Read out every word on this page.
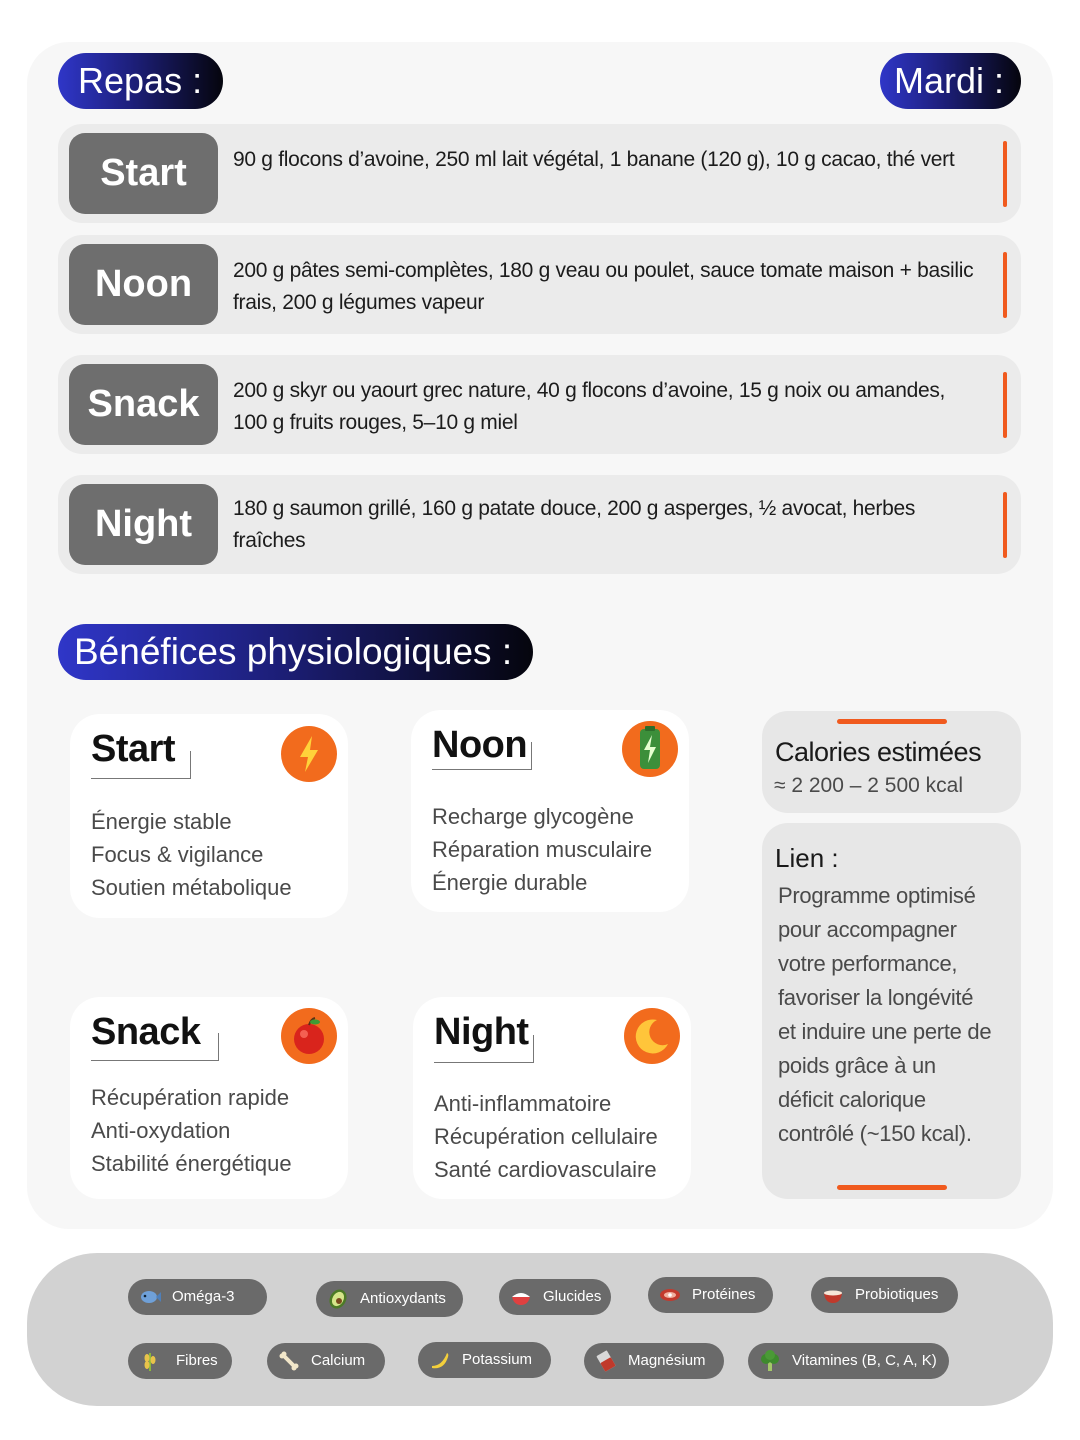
Repas :	Mardi :
Start	90 g flocons d’avoine, 250 ml lait végétal, 1 banane (120 g), 10 g cacao, thé vert
Noon	200 g pâtes semi-complètes, 180 g veau ou poulet, sauce tomate maison + basilic frais, 200 g légumes vapeur
Snack	200 g skyr ou yaourt grec nature, 40 g flocons d’avoine, 15 g noix ou amandes, 100 g fruits rouges, 5–10 g miel
Night	180 g saumon grillé, 160 g patate douce, 200 g asperges, ½ avocat, herbes fraîches
Bénéfices physiologiques :
Start
Énergie stable
Focus & vigilance
Soutien métabolique
Noon
Recharge glycogène
Réparation musculaire
Énergie durable
Snack
Récupération rapide
Anti-oxydation
Stabilité énergétique
Night
Anti-inflammatoire
Récupération cellulaire
Santé cardiovasculaire
Calories estimées
≈ 2 200 – 2 500 kcal
Lien :
Programme optimisé
pour accompagner
votre performance,
favoriser la longévité
et induire une perte de
poids grâce à un
déficit calorique
contrôlé (~150 kcal).
Oméga-3	Antioxydants	Glucides	Protéines	Probiotiques
Fibres	Calcium	Potassium	Magnésium	Vitamines (B, C, A, K)
